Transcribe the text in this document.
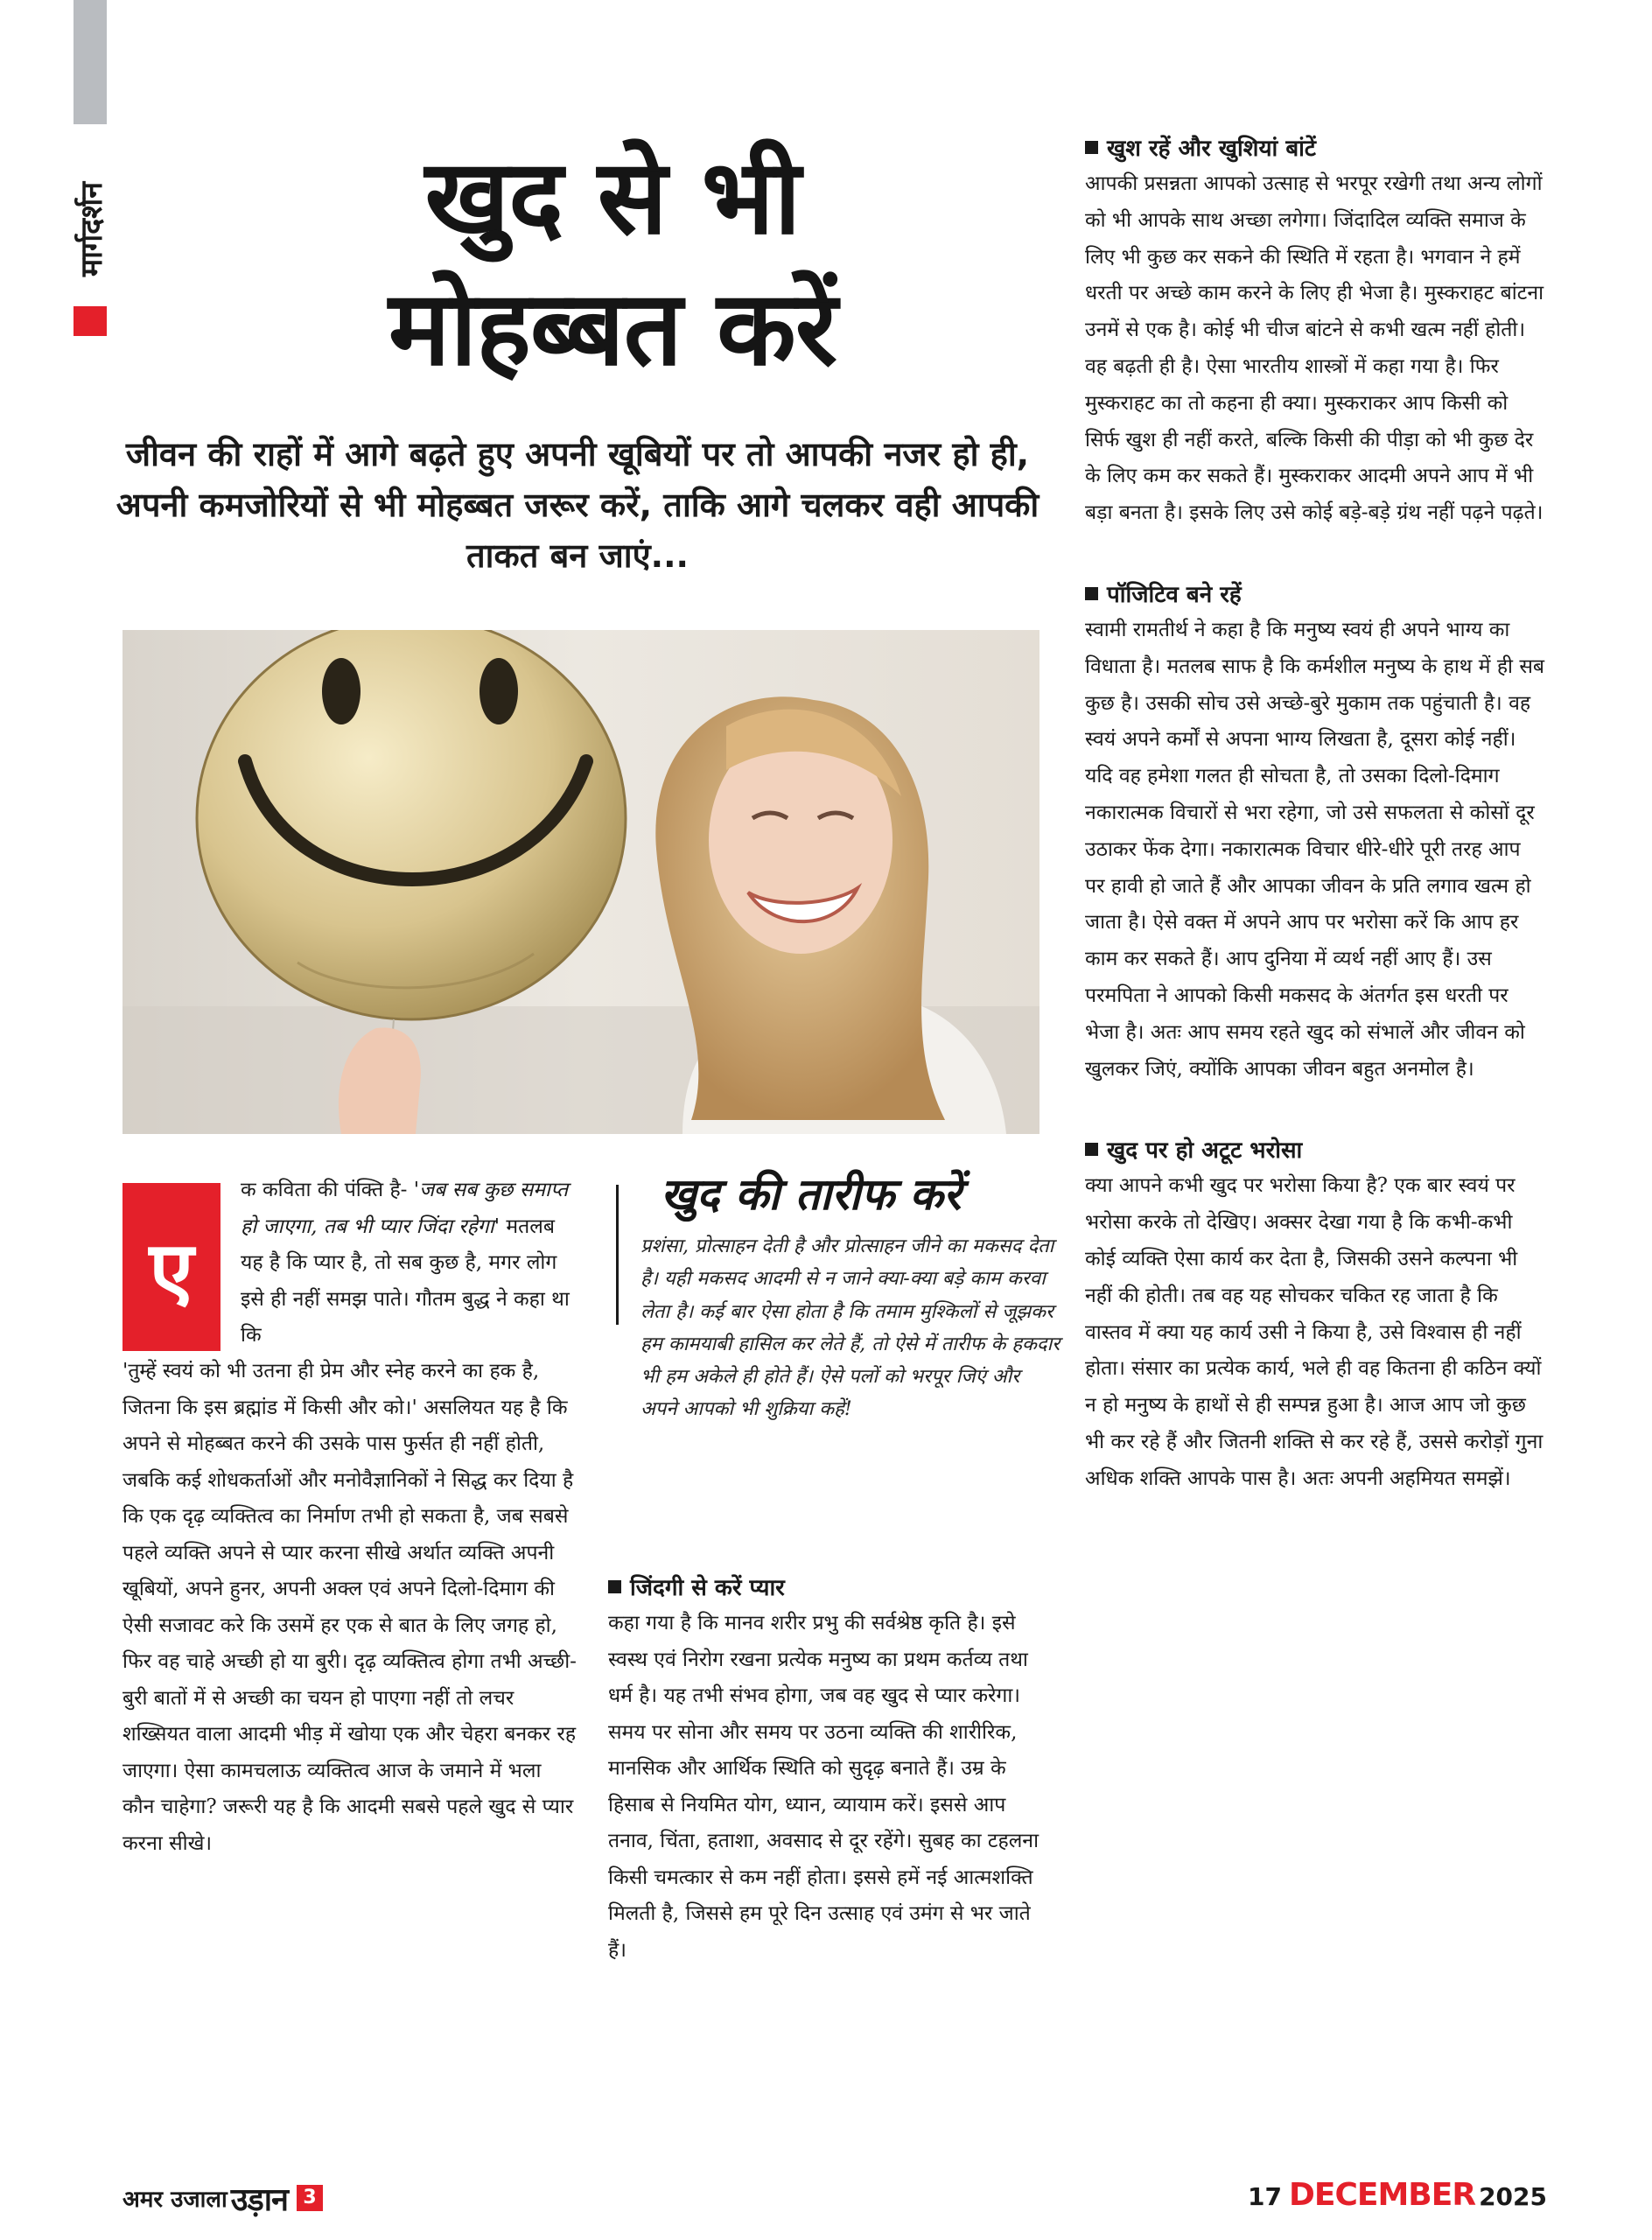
मार्गदर्शन	खुद से भी
मोहब्बत करें
जीवन की राहों में आगे बढ़ते हुए अपनी खूबियों पर तो आपकी नजर हो ही, अपनी कमजोरियों से भी मोहब्बत जरूर करें, ताकि आगे चलकर वही आपकी ताकत बन जाएं...
ए
क कविता की पंक्ति है- 'जब सब कुछ समाप्त हो जाएगा, तब भी प्यार जिंदा रहेगा' मतलब यह है कि प्यार है, तो सब कुछ है, मगर लोग इसे ही नहीं समझ पाते। गौतम बुद्ध ने कहा था कि
'तुम्हें स्वयं को भी उतना ही प्रेम और स्नेह करने का हक है, जितना कि इस ब्रह्मांड में किसी और को।' असलियत यह है कि अपने से मोहब्बत करने की उसके पास फुर्सत ही नहीं होती, जबकि कई शोधकर्ताओं और मनोवैज्ञानिकों ने सिद्ध कर दिया है कि एक दृढ़ व्यक्तित्व का निर्माण तभी हो सकता है, जब सबसे पहले व्यक्ति अपने से प्यार करना सीखे अर्थात व्यक्ति अपनी खूबियों, अपने हुनर, अपनी अक्ल एवं अपने दिलो-दिमाग की ऐसी सजावट करे कि उसमें हर एक से बात के लिए जगह हो, फिर वह चाहे अच्छी हो या बुरी। दृढ़ व्यक्तित्व होगा तभी अच्छी-बुरी बातों में से अच्छी का चयन हो पाएगा नहीं तो लचर शख्सियत वाला आदमी भीड़ में खोया एक और चेहरा बनकर रह जाएगा। ऐसा कामचलाऊ व्यक्तित्व आज के जमाने में भला कौन चाहेगा? जरूरी यह है कि आदमी सबसे पहले खुद से प्यार करना सीखे।
खुद की तारीफ करें
प्रशंसा, प्रोत्साहन देती है और प्रोत्साहन जीने का मकसद देता है। यही मकसद आदमी से न जाने क्या-क्या बड़े काम करवा लेता है। कई बार ऐसा होता है कि तमाम मुश्किलों से जूझकर हम कामयाबी हासिल कर लेते हैं, तो ऐसे में तारीफ के हकदार भी हम अकेले ही होते हैं। ऐसे पलों को भरपूर जिएं और अपने आपको भी शुक्रिया कहें!
जिंदगी से करें प्यार

कहा गया है कि मानव शरीर प्रभु की सर्वश्रेष्ठ कृति है। इसे स्वस्थ एवं निरोग रखना प्रत्येक मनुष्य का प्रथम कर्तव्य तथा धर्म है। यह तभी संभव होगा, जब वह खुद से प्यार करेगा। समय पर सोना और समय पर उठना व्यक्ति की शारीरिक, मानसिक और आर्थिक स्थिति को सुदृढ़ बनाते हैं। उम्र के हिसाब से नियमित योग, ध्यान, व्यायाम करें। इससे आप तनाव, चिंता, हताशा, अवसाद से दूर रहेंगे। सुबह का टहलना किसी चमत्कार से कम नहीं होता। इससे हमें नई आत्मशक्ति मिलती है, जिससे हम पूरे दिन उत्साह एवं उमंग से भर जाते हैं।

खुश रहें और खुशियां बांटें

आपकी प्रसन्नता आपको उत्साह से भरपूर रखेगी तथा अन्य लोगों को भी आपके साथ अच्छा लगेगा। जिंदादिल व्यक्ति समाज के लिए भी कुछ कर सकने की स्थिति में रहता है। भगवान ने हमें धरती पर अच्छे काम करने के लिए ही भेजा है। मुस्कराहट बांटना उनमें से एक है। कोई भी चीज बांटने से कभी खत्म नहीं होती। वह बढ़ती ही है। ऐसा भारतीय शास्त्रों में कहा गया है। फिर मुस्कराहट का तो कहना ही क्या। मुस्कराकर आप किसी को सिर्फ खुश ही नहीं करते, बल्कि किसी की पीड़ा को भी कुछ देर के लिए कम कर सकते हैं। मुस्कराकर आदमी अपने आप में भी बड़ा बनता है। इसके लिए उसे कोई बड़े-बड़े ग्रंथ नहीं पढ़ने पढ़ते।

पॉजिटिव बने रहें

स्वामी रामतीर्थ ने कहा है कि मनुष्य स्वयं ही अपने भाग्य का विधाता है। मतलब साफ है कि कर्मशील मनुष्य के हाथ में ही सब कुछ है। उसकी सोच उसे अच्छे-बुरे मुकाम तक पहुंचाती है। वह स्वयं अपने कर्मों से अपना भाग्य लिखता है, दूसरा कोई नहीं। यदि वह हमेशा गलत ही सोचता है, तो उसका दिलो-दिमाग नकारात्मक विचारों से भरा रहेगा, जो उसे सफलता से कोसों दूर उठाकर फेंक देगा। नकारात्मक विचार धीरे-धीरे पूरी तरह आप पर हावी हो जाते हैं और आपका जीवन के प्रति लगाव खत्म हो जाता है। ऐसे वक्त में अपने आप पर भरोसा करें कि आप हर काम कर सकते हैं। आप दुनिया में व्यर्थ नहीं आए हैं। उस परमपिता ने आपको किसी मकसद के अंतर्गत इस धरती पर भेजा है। अतः आप समय रहते खुद को संभालें और जीवन को खुलकर जिएं, क्योंकि आपका जीवन बहुत अनमोल है।

खुद पर हो अटूट भरोसा

क्या आपने कभी खुद पर भरोसा किया है? एक बार स्वयं पर भरोसा करके तो देखिए। अक्सर देखा गया है कि कभी-कभी कोई व्यक्ति ऐसा कार्य कर देता है, जिसकी उसने कल्पना भी नहीं की होती। तब वह यह सोचकर चकित रह जाता है कि वास्तव में क्या यह कार्य उसी ने किया है, उसे विश्वास ही नहीं होता। संसार का प्रत्येक कार्य, भले ही वह कितना ही कठिन क्यों न हो मनुष्य के हाथों से ही सम्पन्न हुआ है। आज आप जो कुछ भी कर रहे हैं और जितनी शक्ति से कर रहे हैं, उससे करोड़ों गुना अधिक शक्ति आपके पास है। अतः अपनी अहमियत समझें।

अमर उजाला उड़ान 3	17 DECEMBER 2025
